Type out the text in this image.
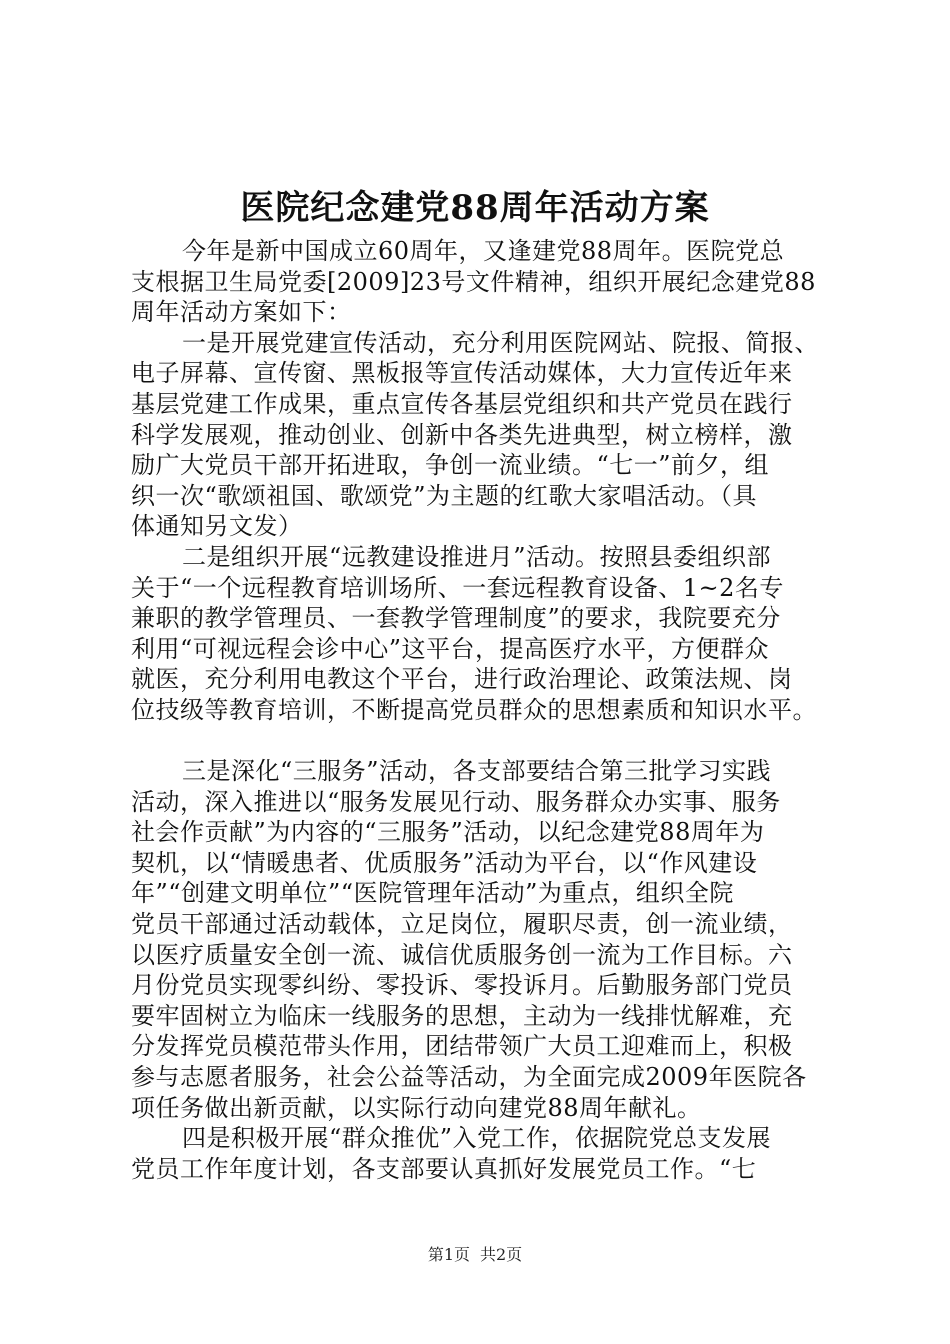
医院纪念建党88周年活动方案
今年是新中国成立60周年，又逢建党88周年。医院党总
支根据卫生局党委[2009]23号文件精神，组织开展纪念建党88
周年活动方案如下：
一是开展党建宣传活动，充分利用医院网站、院报、简报、
电子屏幕、宣传窗、黑板报等宣传活动媒体，大力宣传近年来
基层党建工作成果，重点宣传各基层党组织和共产党员在践行
科学发展观，推动创业、创新中各类先进典型，树立榜样，激
励广大党员干部开拓进取，争创一流业绩。“七一”前夕，组
织一次“歌颂祖国、歌颂党”为主题的红歌大家唱活动。（具
体通知另文发）
二是组织开展“远教建设推进月”活动。按照县委组织部
关于“一个远程教育培训场所、一套远程教育设备、1~2名专
兼职的教学管理员、一套教学管理制度”的要求，我院要充分
利用“可视远程会诊中心”这平台，提高医疗水平，方便群众
就医，充分利用电教这个平台，进行政治理论、政策法规、岗
位技级等教育培训，不断提高党员群众的思想素质和知识水平。
三是深化“三服务”活动，各支部要结合第三批学习实践
活动，深入推进以“服务发展见行动、服务群众办实事、服务
社会作贡献”为内容的“三服务”活动，以纪念建党88周年为
契机，以“情暖患者、优质服务”活动为平台，以“作风建设
年”“创建文明单位”“医院管理年活动”为重点，组织全院
党员干部通过活动载体，立足岗位，履职尽责，创一流业绩，
以医疗质量安全创一流、诚信优质服务创一流为工作目标。六
月份党员实现零纠纷、零投诉、零投诉月。后勤服务部门党员
要牢固树立为临床一线服务的思想，主动为一线排忧解难，充
分发挥党员模范带头作用，团结带领广大员工迎难而上，积极
参与志愿者服务，社会公益等活动，为全面完成2009年医院各
项任务做出新贡献，以实际行动向建党88周年献礼。
四是积极开展“群众推优”入党工作，依据院党总支发展
党员工作年度计划，各支部要认真抓好发展党员工作。“七
第1页 共2页
